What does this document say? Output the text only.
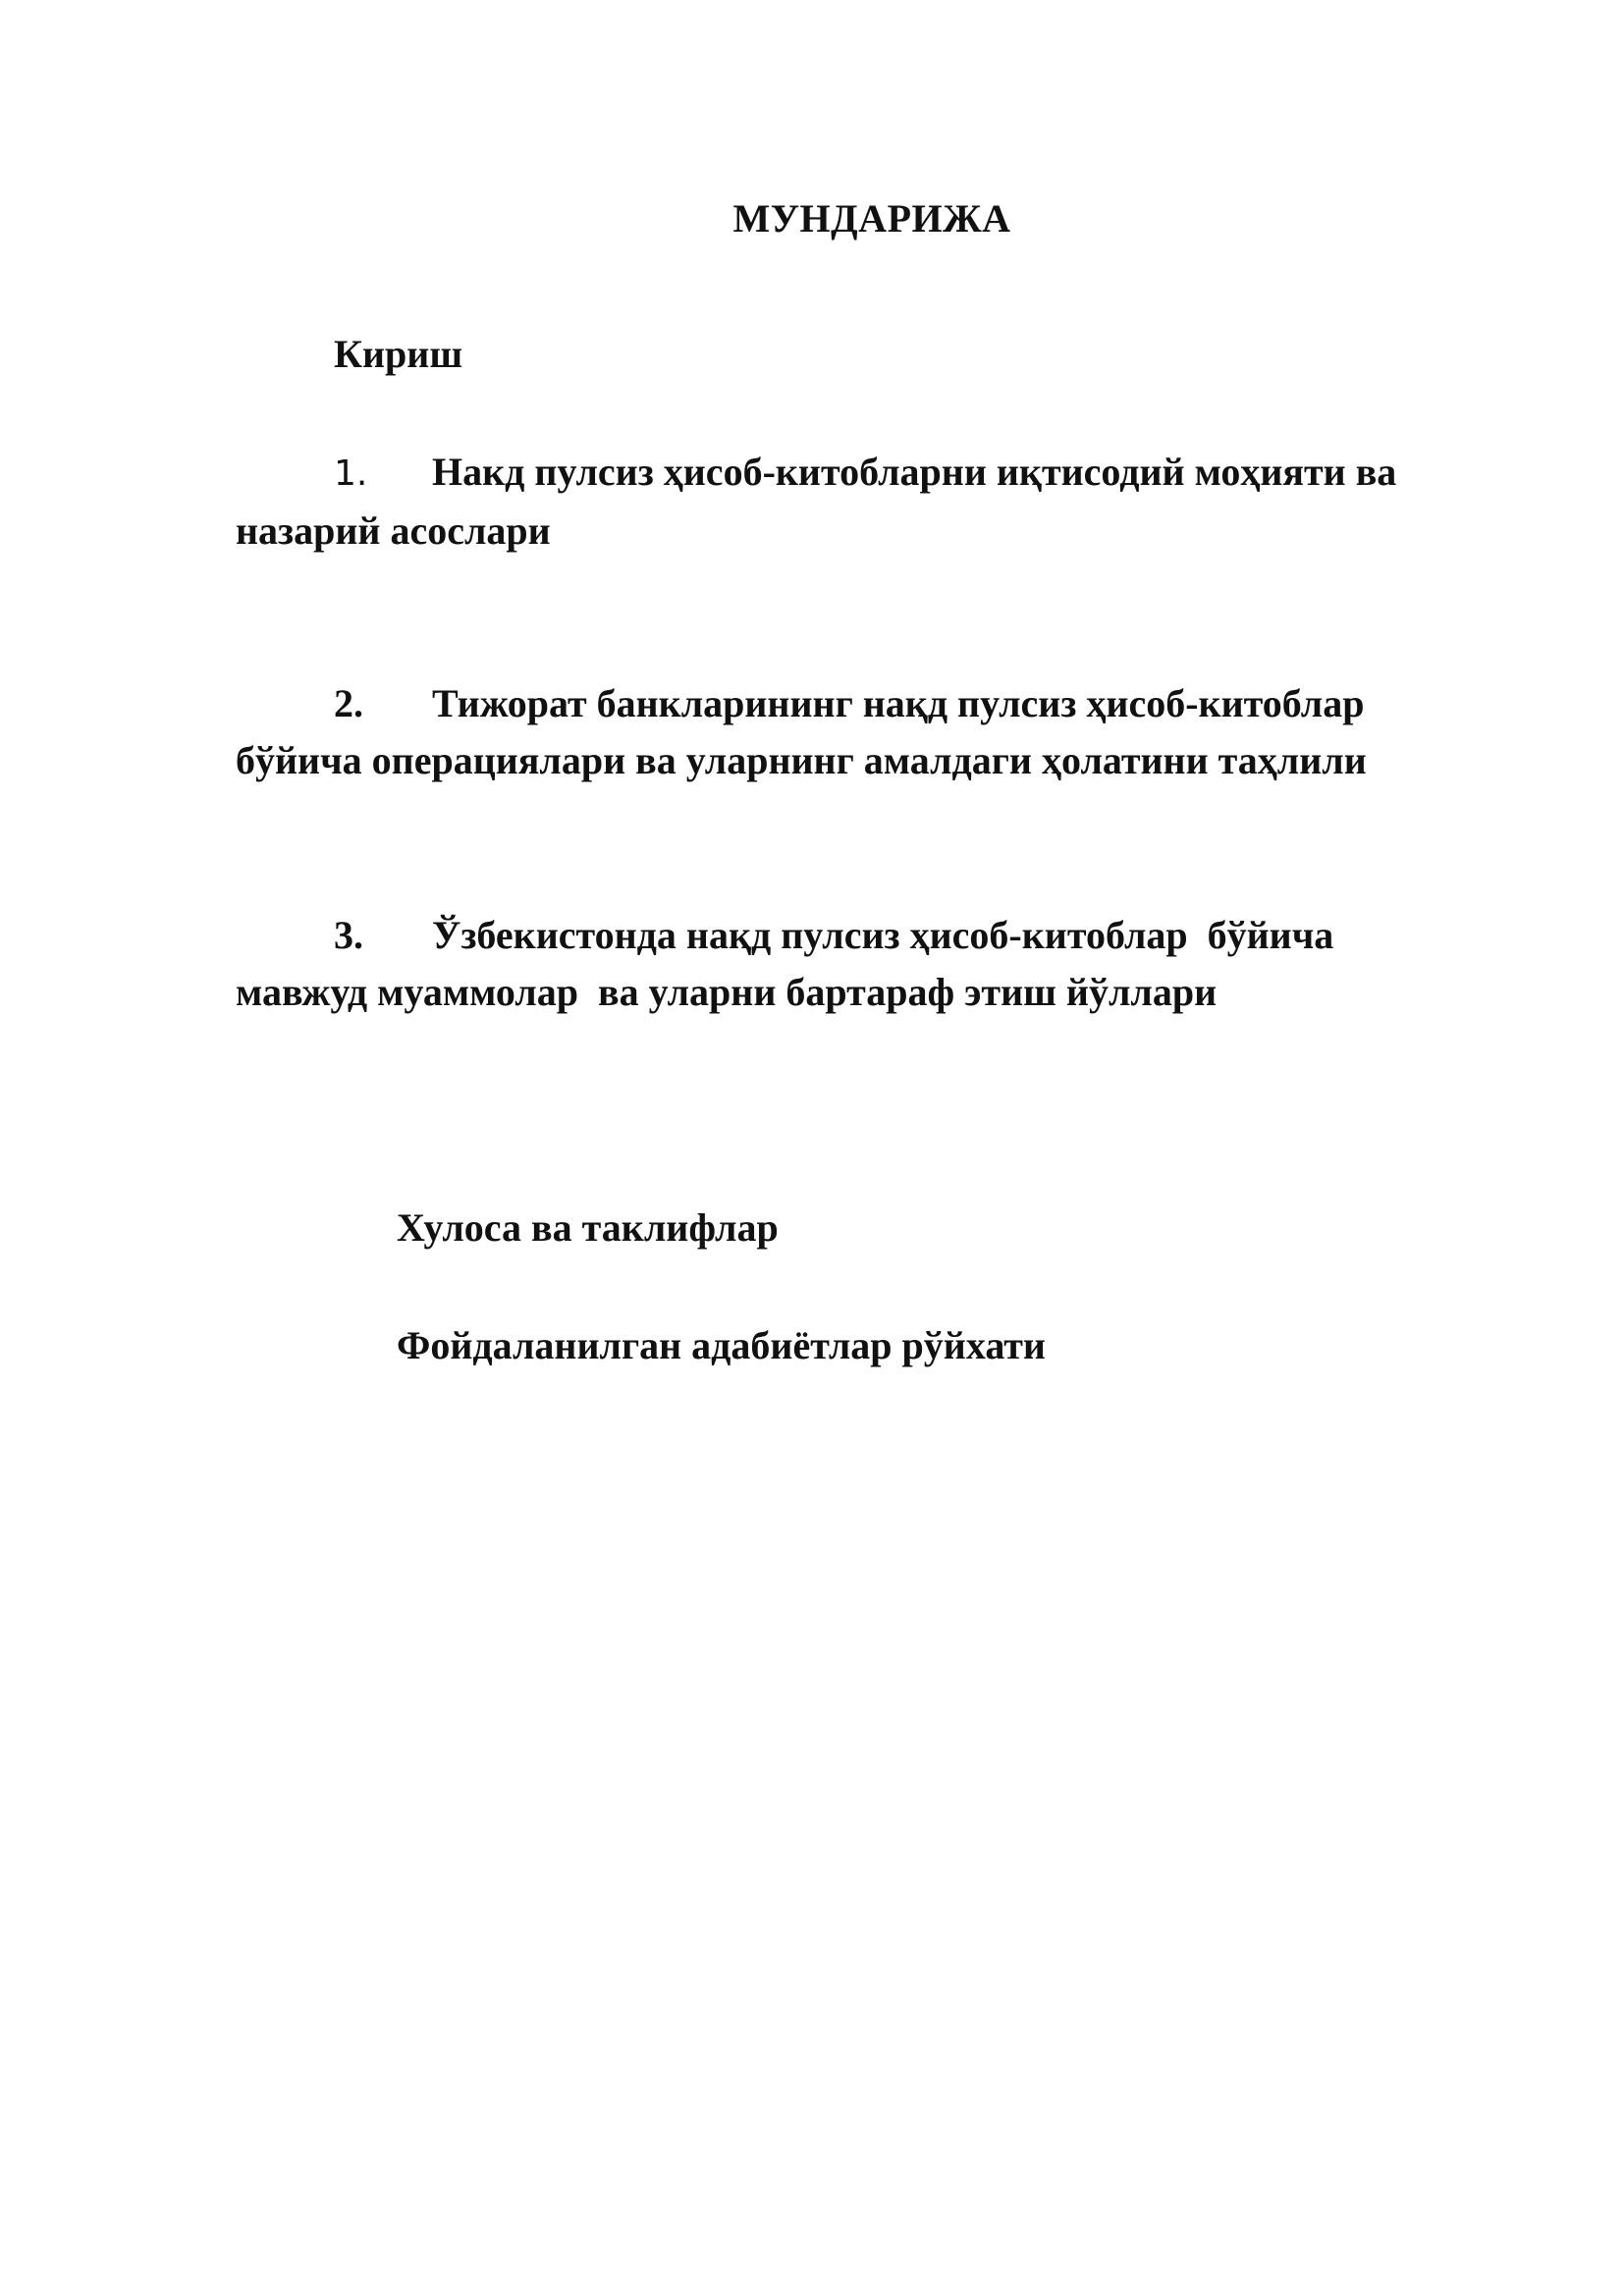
МУНДАРИЖА
Кириш
1. Накд пулсиз ҳисоб-китобларни иқтисодий моҳияти ва
назарий асослари
2. Тижорат банкларининг нақд пулсиз ҳисоб-китоблар
бўйича операциялари ва уларнинг амалдаги ҳолатини таҳлили
3. Ўзбекистонда нақд пулсиз ҳисоб-китоблар  бўйича
мавжуд муаммолар  ва уларни бартараф этиш йўллари
Хулоса ва таклифлар
Фойдаланилган адабиётлар рўйхати
